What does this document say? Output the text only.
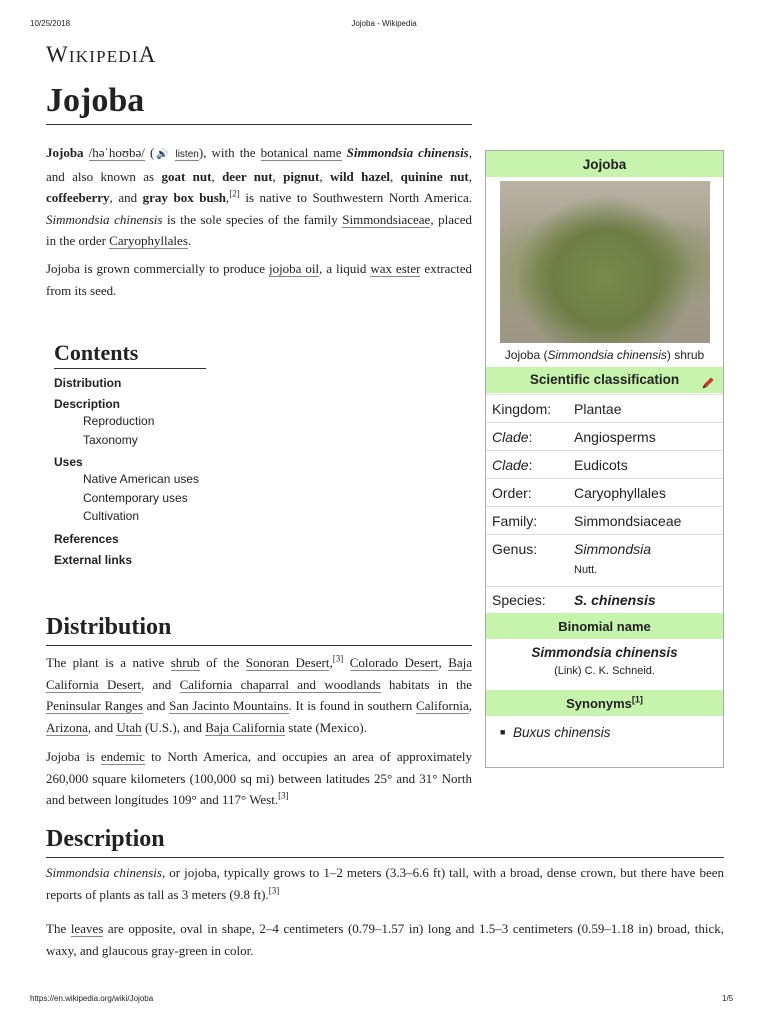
10/25/2018	Jojoba - Wikipedia
WIKIPEDIA
Jojoba
Jojoba /həˈhoʊbə/ (🔊 listen), with the botanical name Simmondsia chinensis, and also known as goat nut, deer nut, pignut, wild hazel, quinine nut, coffeeberry, and gray box bush,[2] is native to Southwestern North America. Simmondsia chinensis is the sole species of the family Simmondsiaceae, placed in the order Caryophyllales.
Jojoba is grown commercially to produce jojoba oil, a liquid wax ester extracted from its seed.
Contents
Distribution
Description
Reproduction
Taxonomy
Uses
Native American uses
Contemporary uses
Cultivation
References
External links
Distribution
The plant is a native shrub of the Sonoran Desert,[3] Colorado Desert, Baja California Desert, and California chaparral and woodlands habitats in the Peninsular Ranges and San Jacinto Mountains. It is found in southern California, Arizona, and Utah (U.S.), and Baja California state (Mexico).
Jojoba is endemic to North America, and occupies an area of approximately 260,000 square kilometers (100,000 sq mi) between latitudes 25° and 31° North and between longitudes 109° and 117° West.[3]
Description
Simmondsia chinensis, or jojoba, typically grows to 1–2 meters (3.3–6.6 ft) tall, with a broad, dense crown, but there have been reports of plants as tall as 3 meters (9.8 ft).[3]
The leaves are opposite, oval in shape, 2–4 centimeters (0.79–1.57 in) long and 1.5–3 centimeters (0.59–1.18 in) broad, thick, waxy, and glaucous gray-green in color.
Jojoba
Jojoba (Simmondsia chinensis) shrub
Scientific classification
Kingdom:	Plantae
Clade:	Angiosperms
Clade:	Eudicots
Order:	Caryophyllales
Family:	Simmondsiaceae
Genus:	Simmondsia
Nutt.
Species:	S. chinensis
Binomial name
Simmondsia chinensis
(Link) C. K. Schneid.
Synonyms[1]
■ Buxus chinensis
https://en.wikipedia.org/wiki/Jojoba	1/5
